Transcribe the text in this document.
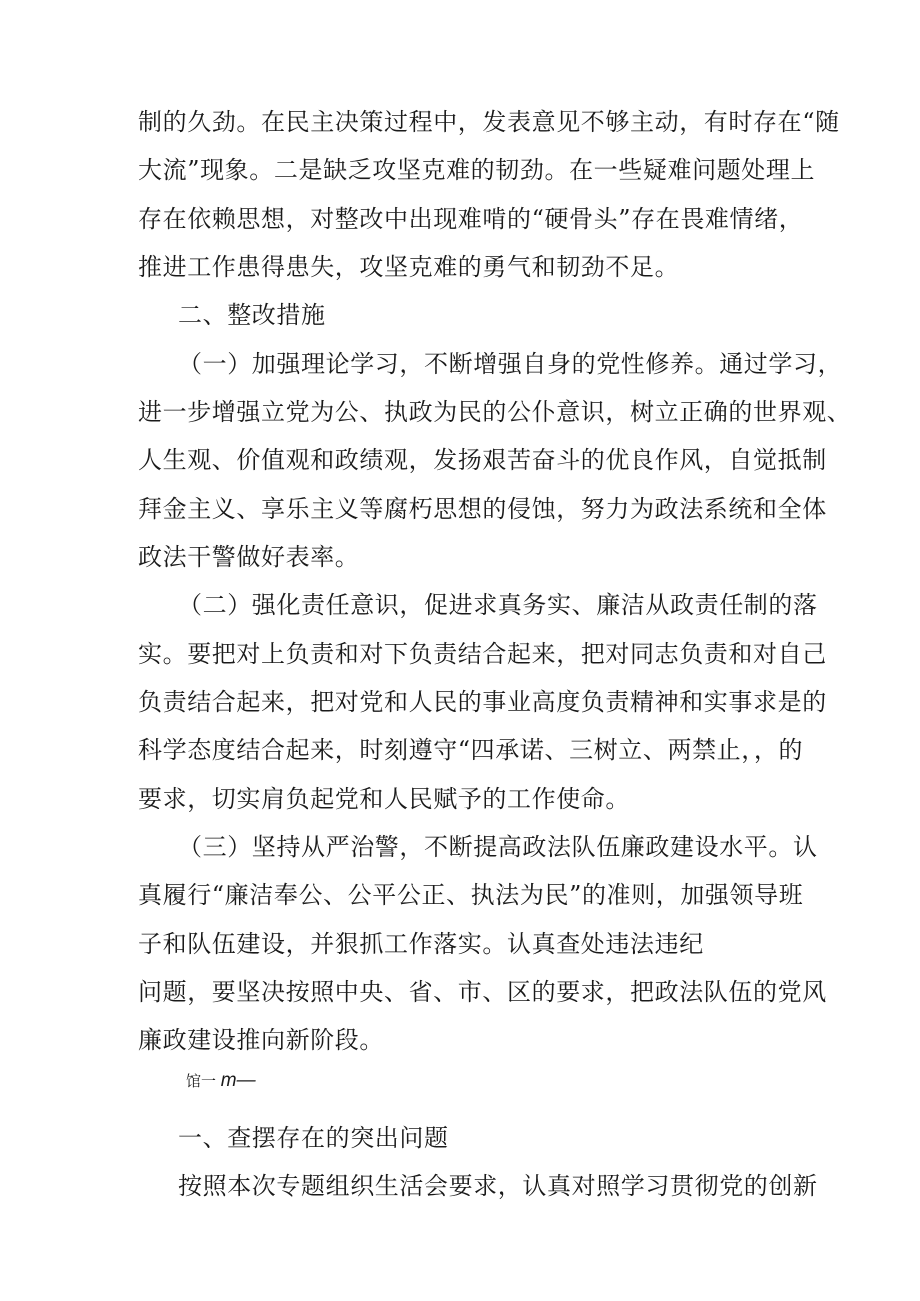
制的久劲。在民主决策过程中，发表意见不够主动，有时存在“随
大流”现象。二是缺乏攻坚克难的韧劲。在一些疑难问题处理上
存在依赖思想，对整改中出现难啃的“硬骨头”存在畏难情绪，
推进工作患得患失，攻坚克难的勇气和韧劲不足。
二、整改措施
（一）加强理论学习，不断增强自身的党性修养。通过学习，
进一步增强立党为公、执政为民的公仆意识，树立正确的世界观、
人生观、价值观和政绩观，发扬艰苦奋斗的优良作风，自觉抵制
拜金主义、享乐主义等腐朽思想的侵蚀，努力为政法系统和全体
政法干警做好表率。
（二）强化责任意识，促进求真务实、廉洁从政责任制的落
实。要把对上负责和对下负责结合起来，把对同志负责和对自己
负责结合起来，把对党和人民的事业高度负责精神和实事求是的
科学态度结合起来，时刻遵守“四承诺、三树立、两禁止，，的
要求，切实肩负起党和人民赋予的工作使命。
（三）坚持从严治警，不断提高政法队伍廉政建设水平。认
真履行“廉洁奉公、公平公正、执法为民”的准则，加强领导班
子和队伍建设，并狠抓工作落实。认真查处违法违纪
问题，要坚决按照中央、省、市、区的要求，把政法队伍的党风
廉政建设推向新阶段。
馆一 m—
一、查摆存在的突出问题
按照本次专题组织生活会要求，认真对照学习贯彻党的创新
